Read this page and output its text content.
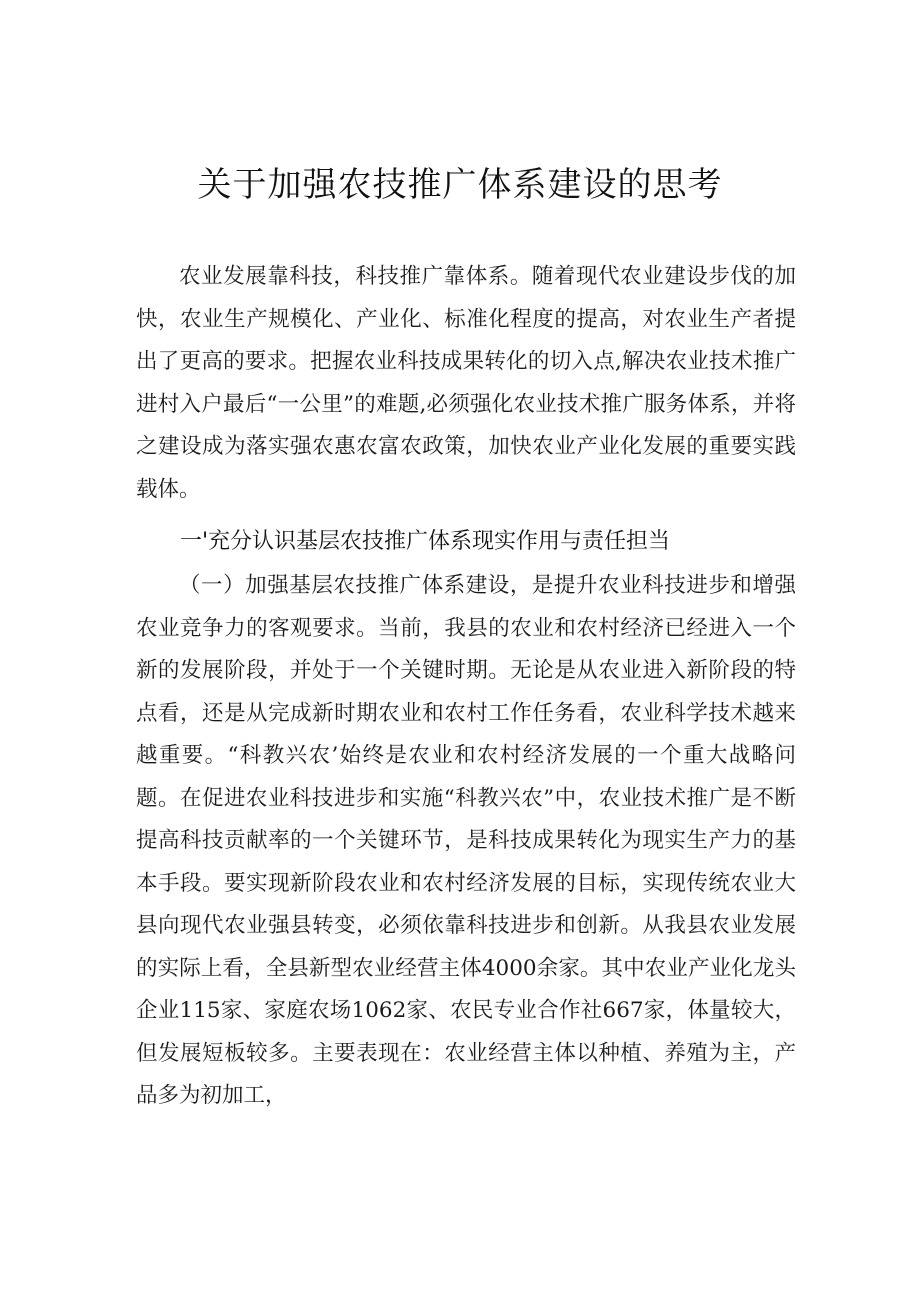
关于加强农技推广体系建设的思考

农业发展靠科技，科技推广靠体系。随着现代农业建设步伐的加快，农业生产规模化、产业化、标准化程度的提高，对农业生产者提出了更高的要求。把握农业科技成果转化的切入点,解决农业技术推广进村入户最后“一公里”的难题,必须强化农业技术推广服务体系，并将之建设成为落实强农惠农富农政策，加快农业产业化发展的重要实践载体。

一'充分认识基层农技推广体系现实作用与责任担当

（一）加强基层农技推广体系建设，是提升农业科技进步和增强农业竞争力的客观要求。当前，我县的农业和农村经济已经进入一个新的发展阶段，并处于一个关键时期。无论是从农业进入新阶段的特点看，还是从完成新时期农业和农村工作任务看，农业科学技术越来越重要。“科教兴农’始终是农业和农村经济发展的一个重大战略问题。在促进农业科技进步和实施“科教兴农”中，农业技术推广是不断提高科技贡献率的一个关键环节，是科技成果转化为现实生产力的基本手段。要实现新阶段农业和农村经济发展的目标，实现传统农业大县向现代农业强县转变，必须依靠科技进步和创新。从我县农业发展的实际上看，全县新型农业经营主体4000余家。其中农业产业化龙头企业115家、家庭农场1062家、农民专业合作社667家，体量较大，但发展短板较多。主要表现在：农业经营主体以种植、养殖为主，产品多为初加工，
